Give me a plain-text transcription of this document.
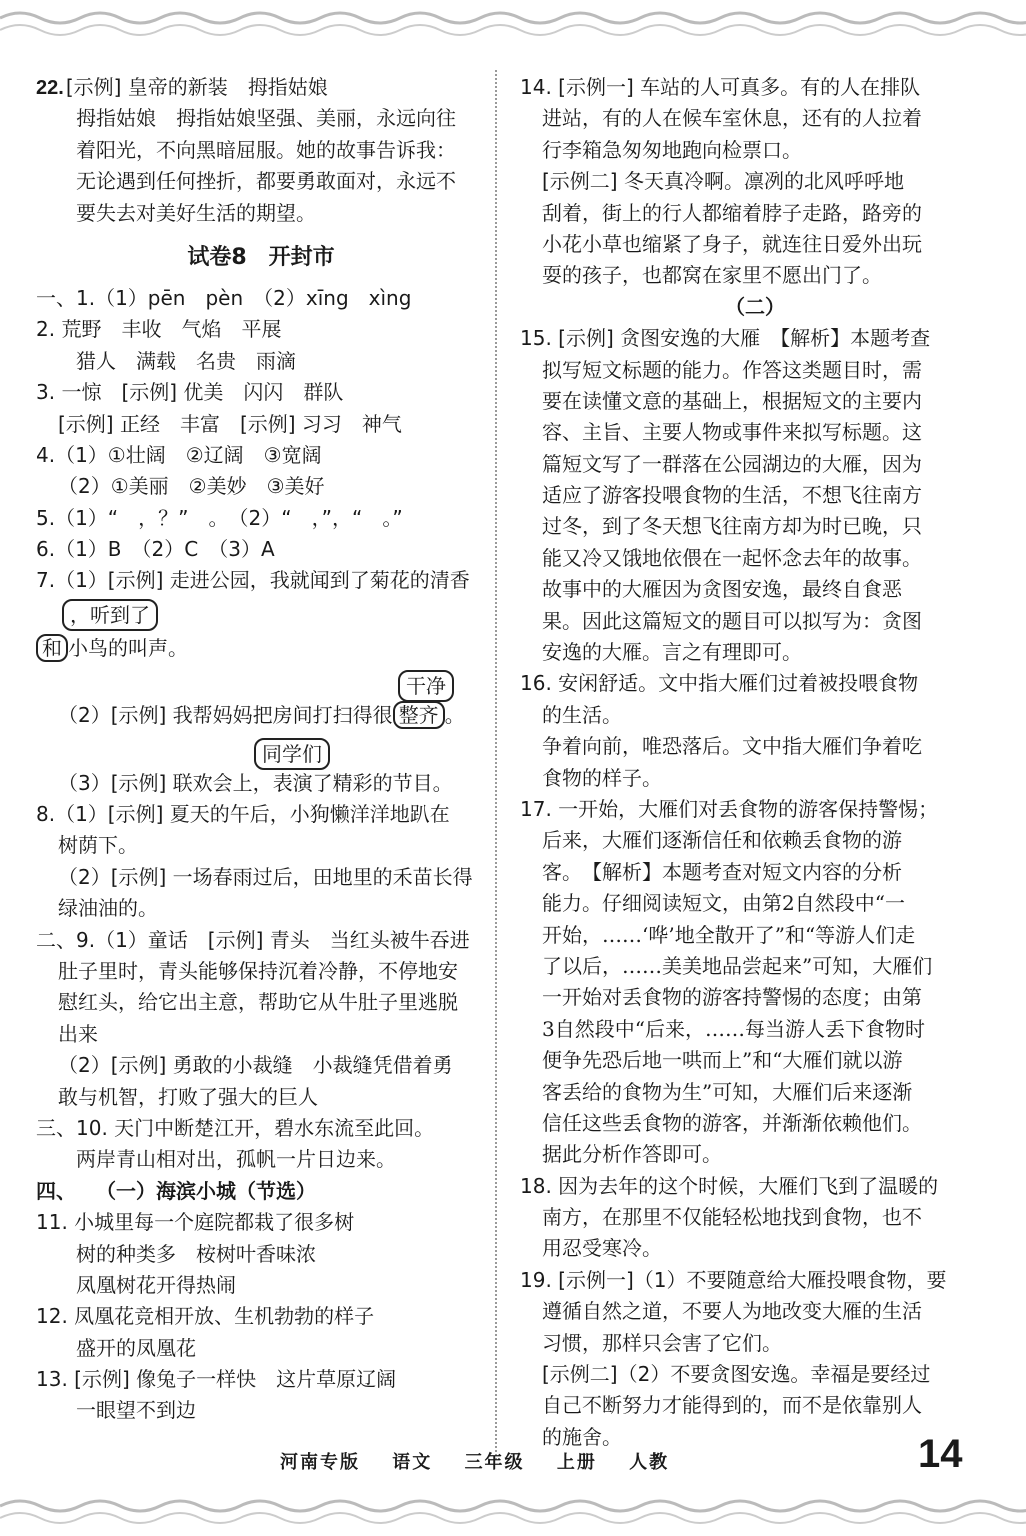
22. [示例] 皇帝的新装　拇指姑娘
拇指姑娘　拇指姑娘坚强、美丽，永远向往
着阳光，不向黑暗屈服。她的故事告诉我：
无论遇到任何挫折，都要勇敢面对，永远不
要失去对美好生活的期望。
试卷8　开封市
一、1.（1）pēn　pèn　（2）xīng　xìng
2. 荒野　丰收　气焰　平展
猎人　满载　名贵　雨滴
3. 一惊　[示例] 优美　闪闪　群队
[示例] 正经　丰富　[示例] 习习　神气
4.（1）①壮阔　②辽阔　③宽阔
（2）①美丽　②美妙　③美好
5.（1）“　，？”　。　（2）“　，”，“　。”
6.（1）B　（2）C　（3）A
7.（1）[示例] 走进公园，我就闻到了菊花的清香
，听到了
和 小鸟的叫声。
干净
（2）[示例] 我帮妈妈把房间打扫得很 整齐 。
同学们
（3）[示例] 联欢会上，表演了精彩的节目。
8.（1）[示例] 夏天的午后，小狗懒洋洋地趴在
树荫下。
（2）[示例] 一场春雨过后，田地里的禾苗长得
绿油油的。
二、9.（1）童话　[示例] 青头　当红头被牛吞进
肚子里时，青头能够保持沉着冷静，不停地安
慰红头，给它出主意，帮助它从牛肚子里逃脱
出来
（2）[示例] 勇敢的小裁缝　小裁缝凭借着勇
敢与机智，打败了强大的巨人
三、10. 天门中断楚江开，碧水东流至此回。
两岸青山相对出，孤帆一片日边来。
四、　　（一）海滨小城（节选）
11. 小城里每一个庭院都栽了很多树
树的种类多　桉树叶香味浓
凤凰树花开得热闹
12. 凤凰花竞相开放、生机勃勃的样子
盛开的凤凰花
13. [示例] 像兔子一样快　这片草原辽阔
一眼望不到边
14. [示例一] 车站的人可真多。有的人在排队
进站，有的人在候车室休息，还有的人拉着
行李箱急匆匆地跑向检票口。
[示例二] 冬天真冷啊。凛冽的北风呼呼地
刮着，街上的行人都缩着脖子走路，路旁的
小花小草也缩紧了身子，就连往日爱外出玩
耍的孩子，也都窝在家里不愿出门了。
（二）
15. [示例] 贪图安逸的大雁　【解析】本题考查
拟写短文标题的能力。作答这类题目时，需
要在读懂文意的基础上，根据短文的主要内
容、主旨、主要人物或事件来拟写标题。这
篇短文写了一群落在公园湖边的大雁，因为
适应了游客投喂食物的生活，不想飞往南方
过冬，到了冬天想飞往南方却为时已晚，只
能又冷又饿地依偎在一起怀念去年的故事。
故事中的大雁因为贪图安逸，最终自食恶
果。因此这篇短文的题目可以拟写为：贪图
安逸的大雁。言之有理即可。
16. 安闲舒适。文中指大雁们过着被投喂食物
的生活。
争着向前，唯恐落后。文中指大雁们争着吃
食物的样子。
17. 一开始，大雁们对丢食物的游客保持警惕；
后来，大雁们逐渐信任和依赖丢食物的游
客。　【解析】本题考查对短文内容的分析
能力。仔细阅读短文，由第2自然段中“一
开始，……‘哗’地全散开了”和“等游人们走
了以后，……美美地品尝起来”可知，大雁们
一开始对丢食物的游客持警惕的态度；由第
3自然段中“后来，……每当游人丢下食物时
便争先恐后地一哄而上”和“大雁们就以游
客丢给的食物为生”可知，大雁们后来逐渐
信任这些丢食物的游客，并渐渐依赖他们。
据此分析作答即可。
18. 因为去年的这个时候，大雁们飞到了温暖的
南方，在那里不仅能轻松地找到食物，也不
用忍受寒冷。
19. [示例一]（1）不要随意给大雁投喂食物，要
遵循自然之道，不要人为地改变大雁的生活
习惯，那样只会害了它们。
[示例二]（2）不要贪图安逸。幸福是要经过
自己不断努力才能得到的，而不是依靠别人
的施舍。
河南专版 语文 三年级 上册 人教	14
